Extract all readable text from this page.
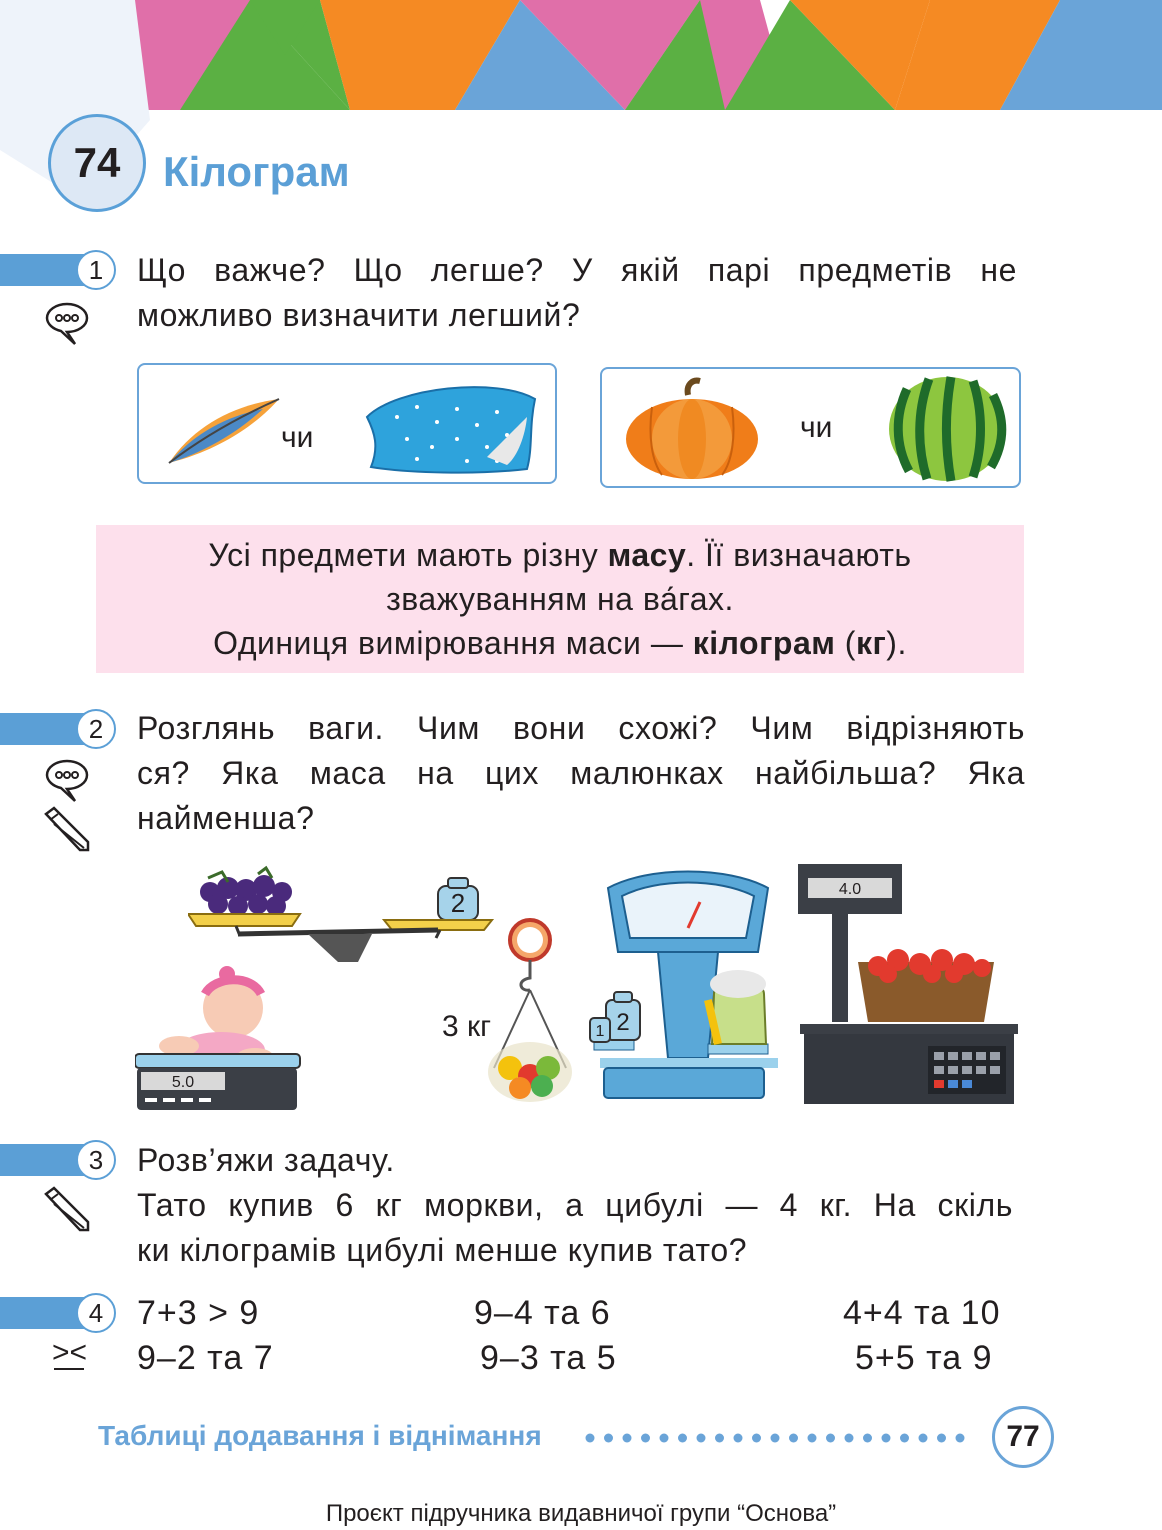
74	Кілограм
1	Що важче? Що легше? У якій парі предметів не

можливо визначити легший?

чи	чи

Усі предмети мають різну масу. Її визначають

зважуванням на ва́гах.

Одиниця вимірювання маси — кілограм (кг).

2	Розглянь ваги. Чим вони схожі? Чим відрізняють

ся? Яка маса на цих малюнках найбільша? Яка

найменша?

2
5.0
3 кг	2
1
4.0
3	Розв’яжи задачу.

Тато купив 6 кг моркви, а цибулі — 4 кг. На скіль

ки кілограмів цибулі менше купив тато?

4
><
7+3 > 9	9–4 та 6	4+4 та 10
9–2 та 7	9–3 та 5	5+5 та 9
Таблиці додавання і віднімання	77
Проєкт підручника видавничої групи “Основа”
